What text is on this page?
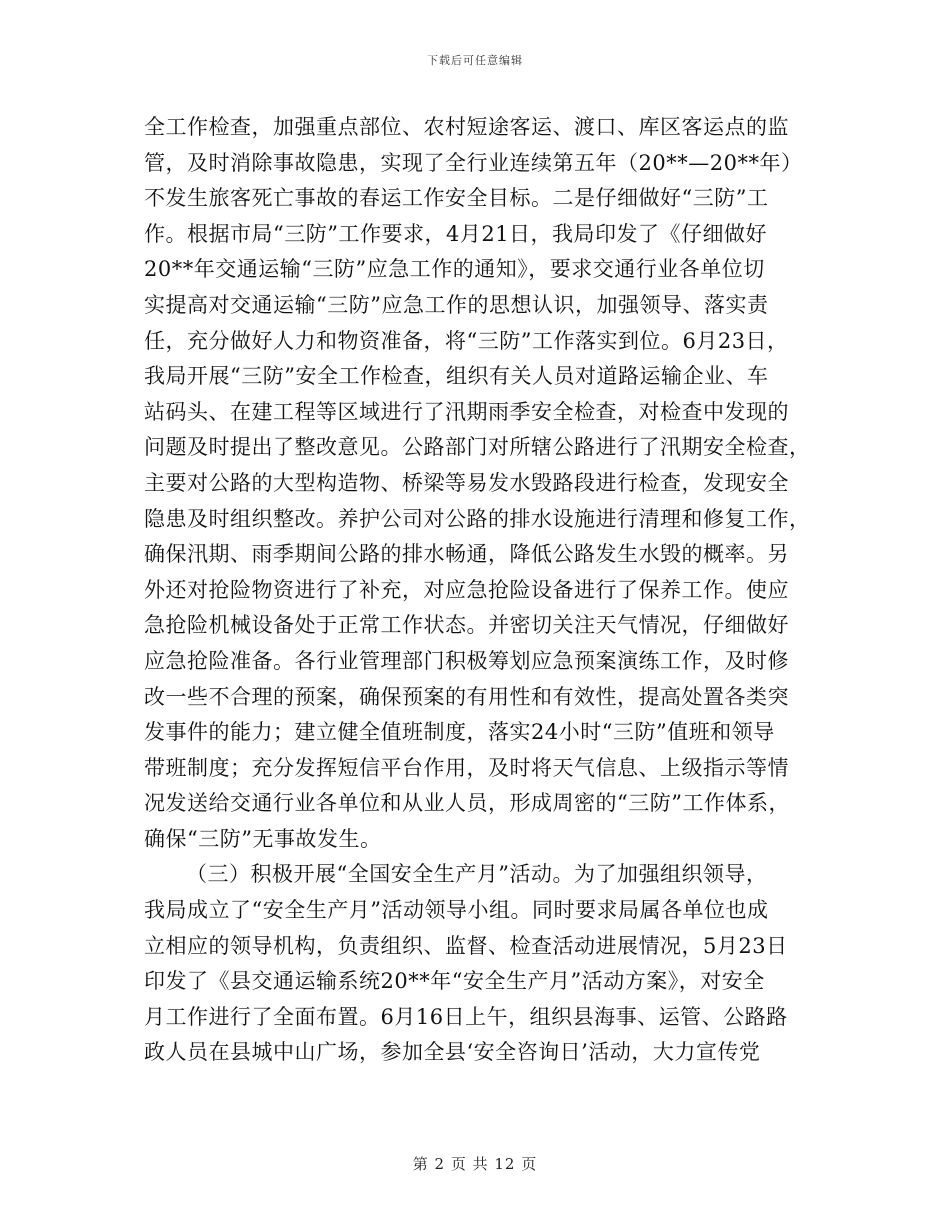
下载后可任意编辑
全工作检查，加强重点部位、农村短途客运、渡口、库区客运点的监
管，及时消除事故隐患，实现了全行业连续第五年（20**—20**年）
不发生旅客死亡事故的春运工作安全目标。二是仔细做好“三防”工
作。根据市局“三防”工作要求，4月21日，我局印发了《仔细做好
20**年交通运输“三防”应急工作的通知》，要求交通行业各单位切
实提高对交通运输“三防”应急工作的思想认识，加强领导、落实责
任，充分做好人力和物资准备，将“三防”工作落实到位。6月23日，
我局开展“三防”安全工作检查，组织有关人员对道路运输企业、车
站码头、在建工程等区域进行了汛期雨季安全检查，对检查中发现的
问题及时提出了整改意见。公路部门对所辖公路进行了汛期安全检查，
主要对公路的大型构造物、桥梁等易发水毁路段进行检查，发现安全
隐患及时组织整改。养护公司对公路的排水设施进行清理和修复工作，
确保汛期、雨季期间公路的排水畅通，降低公路发生水毁的概率。另
外还对抢险物资进行了补充，对应急抢险设备进行了保养工作。使应
急抢险机械设备处于正常工作状态。并密切关注天气情况，仔细做好
应急抢险准备。各行业管理部门积极筹划应急预案演练工作，及时修
改一些不合理的预案，确保预案的有用性和有效性，提高处置各类突
发事件的能力；建立健全值班制度，落实24小时“三防”值班和领导
带班制度；充分发挥短信平台作用，及时将天气信息、上级指示等情
况发送给交通行业各单位和从业人员，形成周密的“三防”工作体系，
确保“三防”无事故发生。
（三）积极开展“全国安全生产月”活动。为了加强组织领导，
我局成立了“安全生产月”活动领导小组。同时要求局属各单位也成
立相应的领导机构，负责组织、监督、检查活动进展情况，5月23日
印发了《县交通运输系统20**年“安全生产月”活动方案》，对安全
月工作进行了全面布置。6月16日上午，组织县海事、运管、公路路
政人员在县城中山广场，参加全县‘安全咨询日’活动，大力宣传党
第 2 页 共 12 页
